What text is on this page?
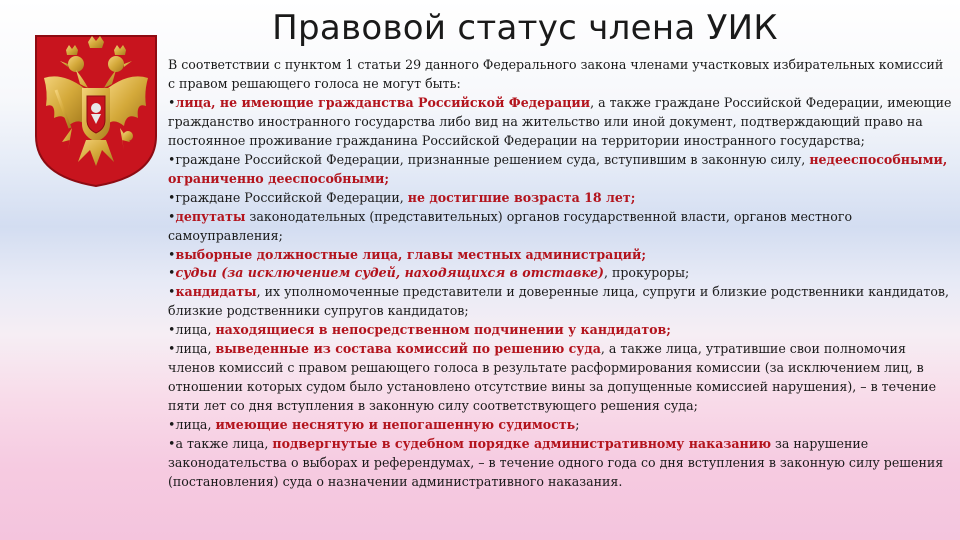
Правовой статус члена УИК

В соответствии с пунктом 1 статьи 29 данного Федерального закона членами участковых избирательных комиссий с правом решающего голоса не могут быть:

•лица, не имеющие гражданства Российской Федерации, а также граждане Российской Федерации, имеющие гражданство иностранного государства либо вид на жительство или иной документ, подтверждающий право на постоянное проживание гражданина Российской Федерации на территории иностранного государства;

•граждане Российской Федерации, признанные решением суда, вступившим в законную силу, недееспособными, ограниченно дееспособными;

•граждане Российской Федерации, не достигшие возраста 18 лет;

•депутаты законодательных (представительных) органов государственной власти, органов местного самоуправления;

•выборные должностные лица, главы местных администраций;

•судьи (за исключением судей, находящихся в отставке), прокуроры;

•кандидаты, их уполномоченные представители и доверенные лица, супруги и близкие родственники кандидатов, близкие родственники супругов кандидатов;

•лица, находящиеся в непосредственном подчинении у кандидатов;

•лица, выведенные из состава комиссий по решению суда, а также лица, утратившие свои полномочия членов комиссий с правом решающего голоса в результате расформирования комиссии (за исключением лиц, в отношении которых судом было установлено отсутствие вины за допущенные комиссией нарушения), – в течение пяти лет со дня вступления в законную силу соответствующего решения суда;

•лица, имеющие неснятую и непогашенную судимость;

•а также лица, подвергнутые в судебном порядке административному наказанию за нарушение законодательства о выборах и референдумах, – в течение одного года со дня вступления в законную силу решения (постановления) суда о назначении административного наказания.
